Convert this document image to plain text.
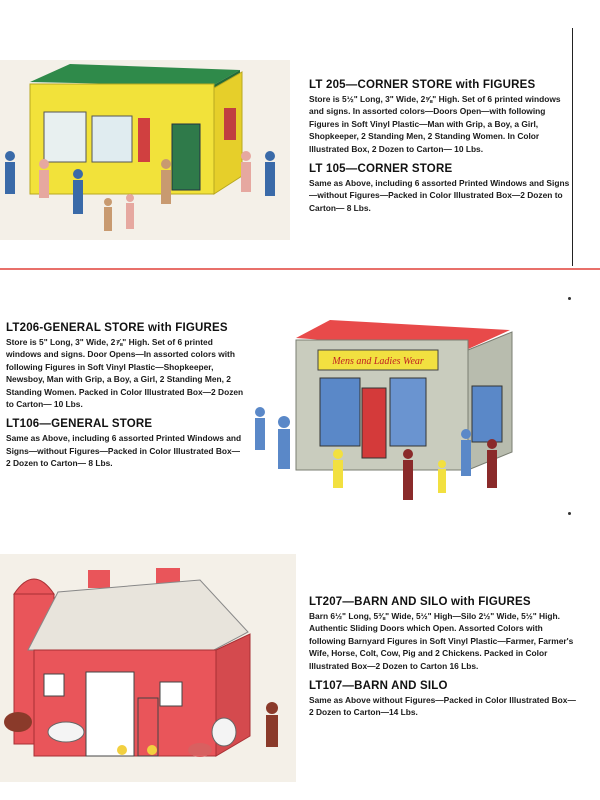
LT 205—CORNER STORE with FIGURES

Store is 5½" Long, 3" Wide, 2⅝" High. Set of 6 printed windows and signs. In assorted colors—Doors Open—with following Figures in Soft Vinyl Plastic—Man with Grip, a Boy, a Girl, Shopkeeper, 2 Standing Men, 2 Standing Women. In Color Illustrated Box, 2 Dozen to Carton— 10 Lbs.

LT 105—CORNER STORE

Same as Above, including 6 assorted Printed Windows and Signs—without Figures—Packed in Color Illustrated Box—2 Dozen to Carton— 8 Lbs.

LT206-GENERAL STORE with FIGURES

Store is 5" Long, 3" Wide, 2⅞" High. Set of 6 printed windows and signs. Door Opens—In assorted colors with following Figures in Soft Vinyl Plastic—Shopkeeper, Newsboy, Man with Grip, a Boy, a Girl, 2 Standing Men, 2 Standing Women. Packed in Color Illustrated Box—2 Dozen to Carton— 10 Lbs.

LT106—GENERAL STORE

Same as Above, including 6 assorted Printed Windows and Signs—without Figures—Packed in Color Illustrated Box—2 Dozen to Carton— 8 Lbs.

Mens and Ladies Wear
LT207—BARN AND SILO with FIGURES

Barn 6½" Long, 5⅜" Wide, 5½" High—Silo 2½" Wide, 5½" High. Authentic Sliding Doors which Open. Assorted Colors with following Barnyard Figures in Soft Vinyl Plastic—Farmer, Farmer's Wife, Horse, Colt, Cow, Pig and 2 Chickens. Packed in Color Illustrated Box—2 Dozen to Carton 16 Lbs.

LT107—BARN AND SILO

Same as Above without Figures—Packed in Color Illustrated Box—2 Dozen to Carton—14 Lbs.
